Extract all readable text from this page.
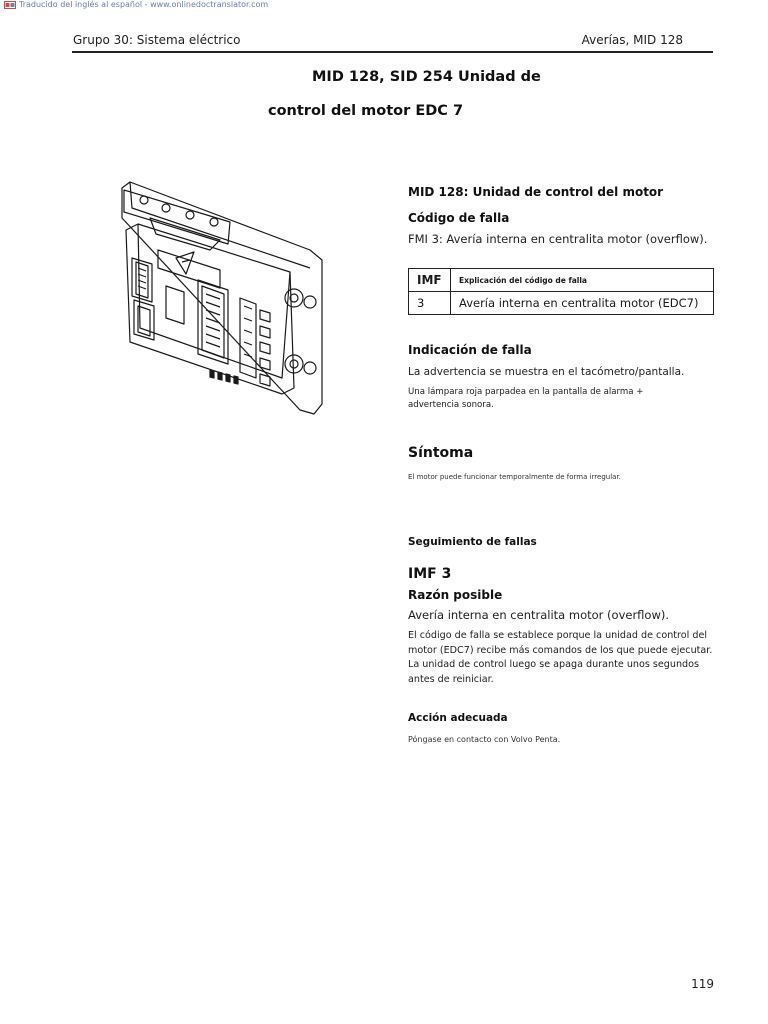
Traducido del inglés al español - www.onlinedoctranslator.com
Grupo 30: Sistema eléctrico	Averías, MID 128
MID 128, SID 254 Unidad de
control del motor EDC 7
MID 128: Unidad de control del motor
Código de falla
FMI 3: Avería interna en centralita motor (overflow).
IMF	Explicación del código de falla
3	Avería interna en centralita motor (EDC7)
Indicación de falla
La advertencia se muestra en el tacómetro/pantalla.
Una lámpara roja parpadea en la pantalla de alarma + advertencia sonora.
Síntoma
El motor puede funcionar temporalmente de forma irregular.
Seguimiento de fallas
IMF 3
Razón posible
Avería interna en centralita motor (overflow).
El código de falla se establece porque la unidad de control del motor (EDC7) recibe más comandos de los que puede ejecutar. La unidad de control luego se apaga durante unos segundos antes de reiniciar.
Acción adecuada
Póngase en contacto con Volvo Penta.
119
